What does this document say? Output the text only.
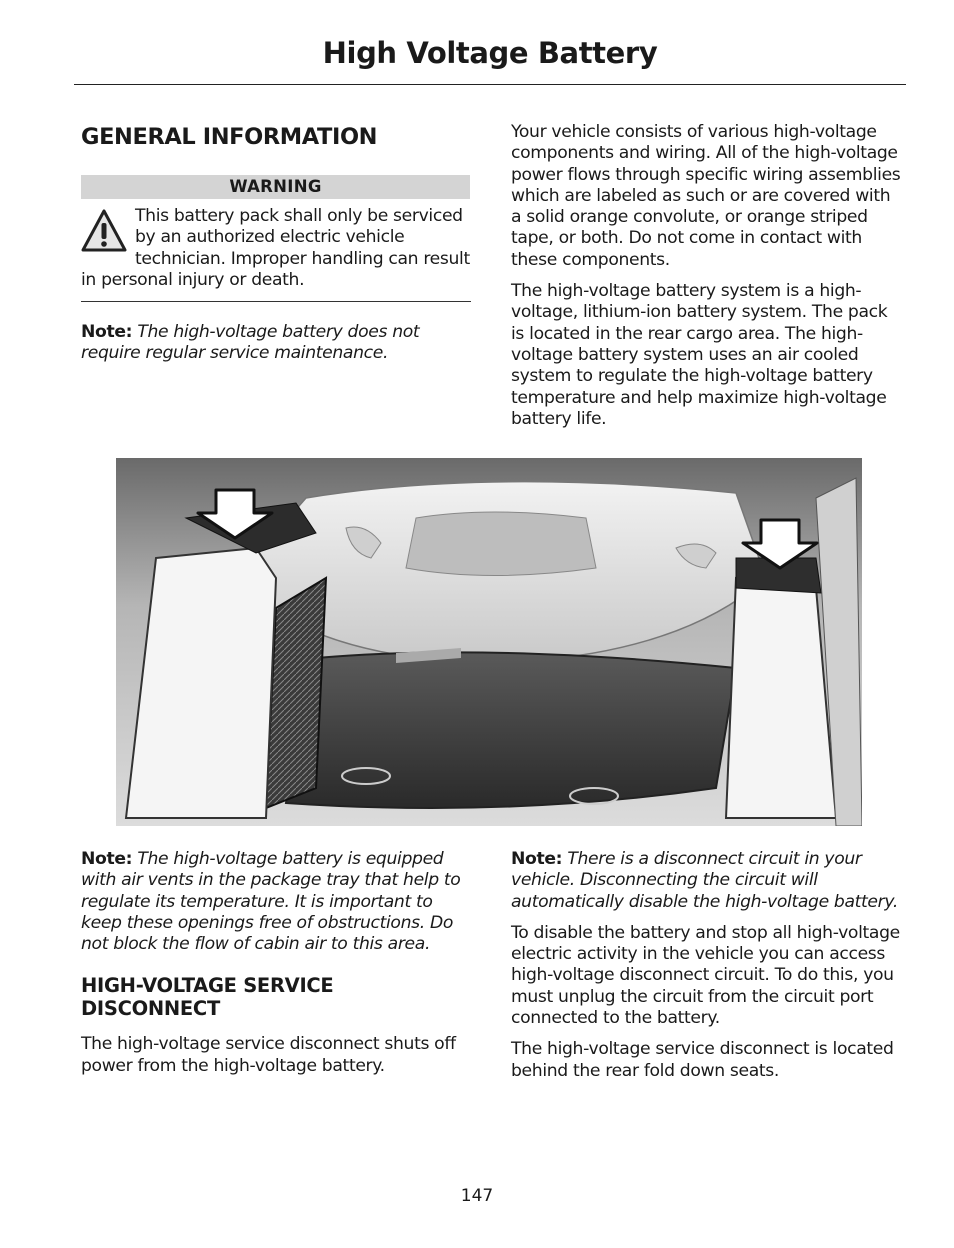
High Voltage Battery
GENERAL INFORMATION
WARNING

This battery pack shall only be serviced by an authorized electric vehicle technician. Improper handling can result in personal injury or death.

Note: The high-voltage battery does not require regular service maintenance.

Your vehicle consists of various high-voltage components and wiring. All of the high-voltage power flows through specific wiring assemblies which are labeled as such or are covered with a solid orange convolute, or orange striped tape, or both. Do not come in contact with these components.

The high-voltage battery system is a high-voltage, lithium-ion battery system. The pack is located in the rear cargo area. The high-voltage battery system uses an air cooled system to regulate the high-voltage battery temperature and help maximize high-voltage battery life.

Note: The high-voltage battery is equipped with air vents in the package tray that help to regulate its temperature. It is important to keep these openings free of obstructions. Do not block the flow of cabin air to this area.

HIGH-VOLTAGE SERVICE DISCONNECT

The high-voltage service disconnect shuts off power from the high-voltage battery.

Note: There is a disconnect circuit in your vehicle. Disconnecting the circuit will automatically disable the high-voltage battery.

To disable the battery and stop all high-voltage electric activity in the vehicle you can access high-voltage disconnect circuit. To do this, you must unplug the circuit from the circuit port connected to the battery.

The high-voltage service disconnect is located behind the rear fold down seats.

147
